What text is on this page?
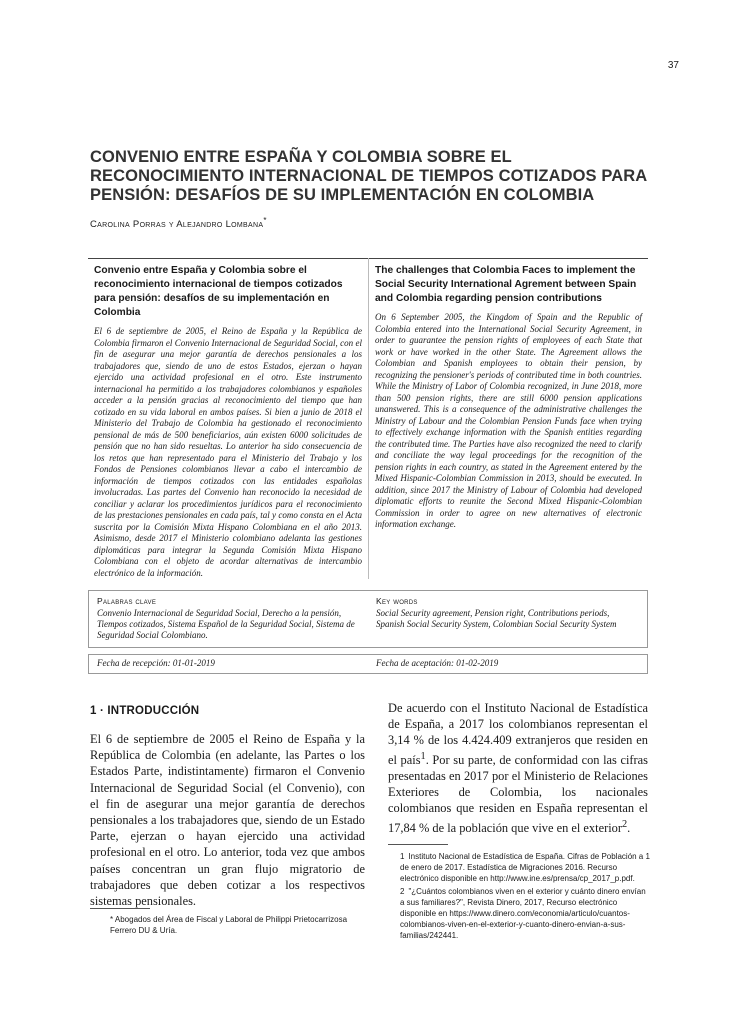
37
CONVENIO ENTRE ESPAÑA Y COLOMBIA SOBRE EL RECONOCIMIENTO INTERNACIONAL DE TIEMPOS COTIZADOS PARA PENSIÓN: DESAFÍOS DE SU IMPLEMENTACIÓN EN COLOMBIA
Carolina Porras y Alejandro Lombana*

Convenio entre España y Colombia sobre el reconocimiento internacional de tiempos cotizados para pensión: desafíos de su implementación en Colombia

El 6 de septiembre de 2005, el Reino de España y la República de Colombia firmaron el Convenio Internacional de Seguridad Social, con el fin de asegurar una mejor garantía de derechos pensionales a los trabajadores que, siendo de uno de estos Estados, ejerzan o hayan ejercido una actividad profesional en el otro. Este instrumento internacional ha permitido a los trabajadores colombianos y españoles acceder a la pensión gracias al reconocimiento del tiempo que han cotizado en su vida laboral en ambos países. Si bien a junio de 2018 el Ministerio del Trabajo de Colombia ha gestionado el reconocimiento pensional de más de 500 beneficiarios, aún existen 6000 solicitudes de pensión que no han sido resueltas. Lo anterior ha sido consecuencia de los retos que han representado para el Ministerio del Trabajo y los Fondos de Pensiones colombianos llevar a cabo el intercambio de información de tiempos cotizados con las entidades españolas involucradas. Las partes del Convenio han reconocido la necesidad de conciliar y aclarar los procedimientos jurídicos para el reconocimiento de las prestaciones pensionales en cada país, tal y como consta en el Acta suscrita por la Comisión Mixta Hispano Colombiana en el año 2013. Asimismo, desde 2017 el Ministerio colombiano adelanta las gestiones diplomáticas para integrar la Segunda Comisión Mixta Hispano Colombiana con el objeto de acordar alternativas de intercambio electrónico de la información.

The challenges that Colombia Faces to implement the Social Security International Agrement between Spain and Colombia regarding pension contributions

On 6 September 2005, the Kingdom of Spain and the Republic of Colombia entered into the International Social Security Agreement, in order to guarantee the pension rights of employees of each State that work or have worked in the other State. The Agreement allows the Colombian and Spanish employees to obtain their pension, by recognizing the pensioner's periods of contributed time in both countries. While the Ministry of Labor of Colombia recognized, in June 2018, more than 500 pension rights, there are still 6000 pension applications unanswered. This is a consequence of the administrative challenges the Ministry of Labour and the Colombian Pension Funds face when trying to effectively exchange information with the Spanish entities regarding the contributed time. The Parties have also recognized the need to clarify and conciliate the way legal proceedings for the recognition of the pension rights in each country, as stated in the Agreement entered by the Mixed Hispanic-Colombian Commission in 2013, should be executed. In addition, since 2017 the Ministry of Labour of Colombia had developed diplomatic efforts to reunite the Second Mixed Hispanic-Colombian Commission in order to agree on new alternatives of electronic information exchange.

Palabras clave

Convenio Internacional de Seguridad Social, Derecho a la pensión, Tiempos cotizados, Sistema Español de la Seguridad Social, Sistema de Seguridad Social Colombiano.

Key words

Social Security agreement, Pension right, Contributions periods, Spanish Social Security System, Colombian Social Security System

Fecha de recepción: 01-01-2019	Fecha de aceptación: 01-02-2019
1 · INTRODUCCIÓN

El 6 de septiembre de 2005 el Reino de España y la República de Colombia (en adelante, las Partes o los Estados Parte, indistintamente) firmaron el Convenio Internacional de Seguridad Social (el Convenio), con el fin de asegurar una mejor garantía de derechos pensionales a los trabajadores que, siendo de un Estado Parte, ejerzan o hayan ejercido una actividad profesional en el otro. Lo anterior, toda vez que ambos países concentran un gran flujo migratorio de trabajadores que deben cotizar a los respectivos sistemas pensionales.

De acuerdo con el Instituto Nacional de Estadística de España, a 2017 los colombianos representan el 3,14 % de los 4.424.409 extranjeros que residen en el país$^1$. Por su parte, de conformidad con las cifras presentadas en 2017 por el Ministerio de Relaciones Exteriores de Colombia, los nacionales colombianos que residen en España representan el 17,84 % de la población que vive en el exterior$^2$.

* Abogados del Área de Fiscal y Laboral de Philippi Prietocarrizosa Ferrero DU & Uría.

1 Instituto Nacional de Estadística de España. Cifras de Población a 1 de enero de 2017. Estadística de Migraciones 2016. Recurso electrónico disponible en http://www.ine.es/prensa/cp_2017_p.pdf.

2 "¿Cuántos colombianos viven en el exterior y cuánto dinero envían a sus familiares?", Revista Dinero, 2017, Recurso electrónico disponible en https://www.dinero.com/economia/articulo/cuantos-colombianos-viven-en-el-exterior-y-cuanto-dinero-envian-a-sus-familias/242441.
